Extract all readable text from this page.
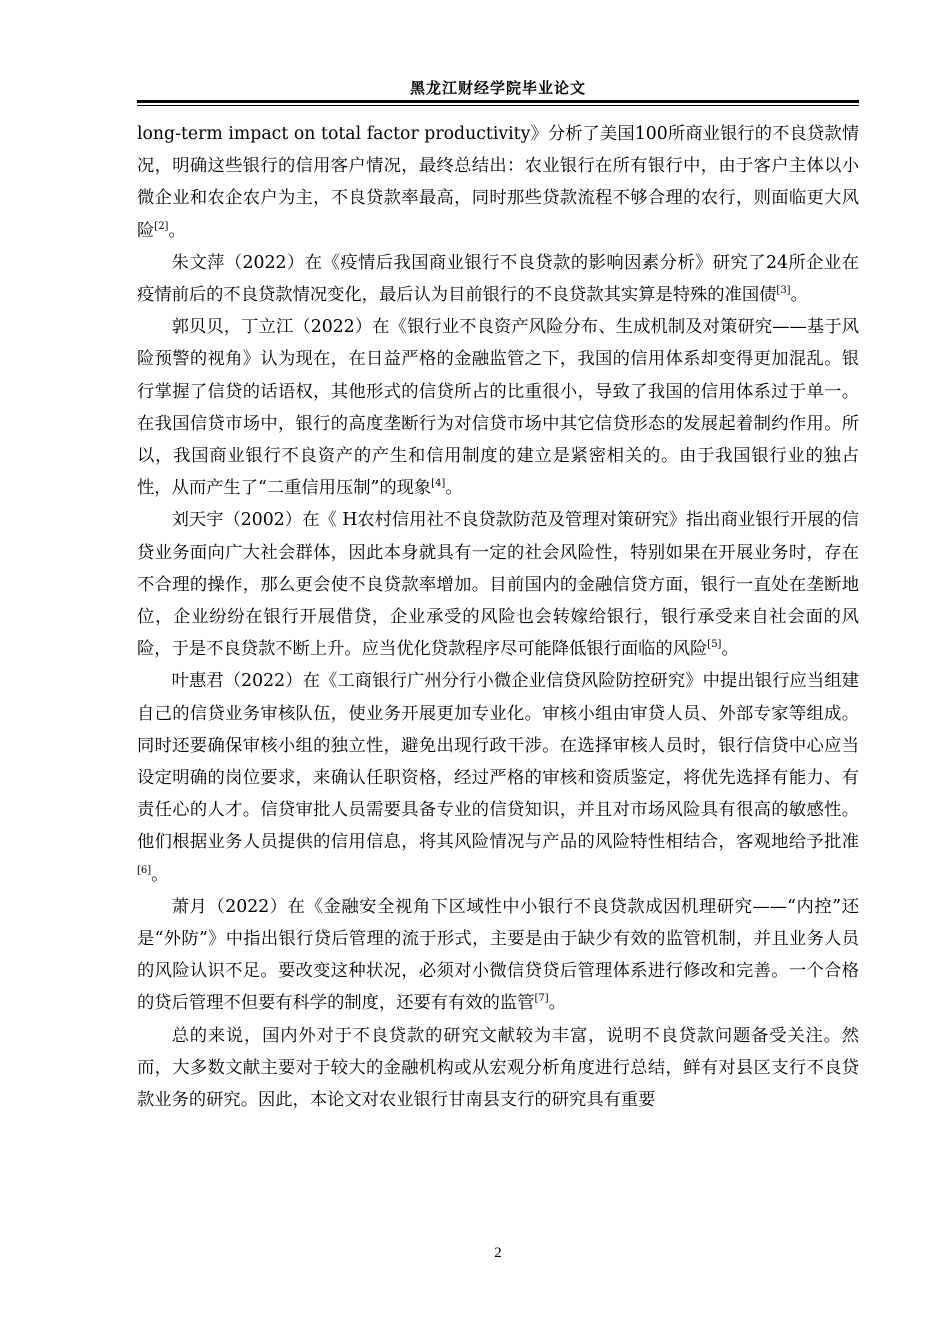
黑龙江财经学院毕业论文

long-term impact on total factor productivity》分析了美国100所商业银行的不良贷款情况，明确这些银行的信用客户情况，最终总结出：农业银行在所有银行中，由于客户主体以小微企业和农企农户为主，不良贷款率最高，同时那些贷款流程不够合理的农行，则面临更大风险[2]。

朱文萍（2022）在《疫情后我国商业银行不良贷款的影响因素分析》研究了24所企业在疫情前后的不良贷款情况变化，最后认为目前银行的不良贷款其实算是特殊的准国债[3]。

郭贝贝，丁立江（2022）在《银行业不良资产风险分布、生成机制及对策研究——基于风险预警的视角》认为现在，在日益严格的金融监管之下，我国的信用体系却变得更加混乱。银行掌握了信贷的话语权，其他形式的信贷所占的比重很小，导致了我国的信用体系过于单一。在我国信贷市场中，银行的高度垄断行为对信贷市场中其它信贷形态的发展起着制约作用。所以，我国商业银行不良资产的产生和信用制度的建立是紧密相关的。由于我国银行业的独占性，从而产生了“二重信用压制”的现象[4]。

刘天宇（2002）在《 H农村信用社不良贷款防范及管理对策研究》指出商业银行开展的信贷业务面向广大社会群体，因此本身就具有一定的社会风险性，特别如果在开展业务时，存在不合理的操作，那么更会使不良贷款率增加。目前国内的金融信贷方面，银行一直处在垄断地位，企业纷纷在银行开展借贷，企业承受的风险也会转嫁给银行，银行承受来自社会面的风险，于是不良贷款不断上升。应当优化贷款程序尽可能降低银行面临的风险[5]。

叶惠君（2022）在《工商银行广州分行小微企业信贷风险防控研究》中提出银行应当组建自己的信贷业务审核队伍，使业务开展更加专业化。审核小组由审贷人员、外部专家等组成。同时还要确保审核小组的独立性，避免出现行政干涉。在选择审核人员时，银行信贷中心应当设定明确的岗位要求，来确认任职资格，经过严格的审核和资质鉴定，将优先选择有能力、有责任心的人才。信贷审批人员需要具备专业的信贷知识，并且对市场风险具有很高的敏感性。他们根据业务人员提供的信用信息，将其风险情况与产品的风险特性相结合，客观地给予批准[6]。

萧月（2022）在《金融安全视角下区域性中小银行不良贷款成因机理研究——“内控”还是“外防”》中指出银行贷后管理的流于形式，主要是由于缺少有效的监管机制，并且业务人员的风险认识不足。要改变这种状况，必须对小微信贷贷后管理体系进行修改和完善。一个合格的贷后管理不但要有科学的制度，还要有有效的监管[7]。

总的来说，国内外对于不良贷款的研究文献较为丰富，说明不良贷款问题备受关注。然而，大多数文献主要对于较大的金融机构或从宏观分析角度进行总结，鲜有对县区支行不良贷款业务的研究。因此，本论文对农业银行甘南县支行的研究具有重要

2
